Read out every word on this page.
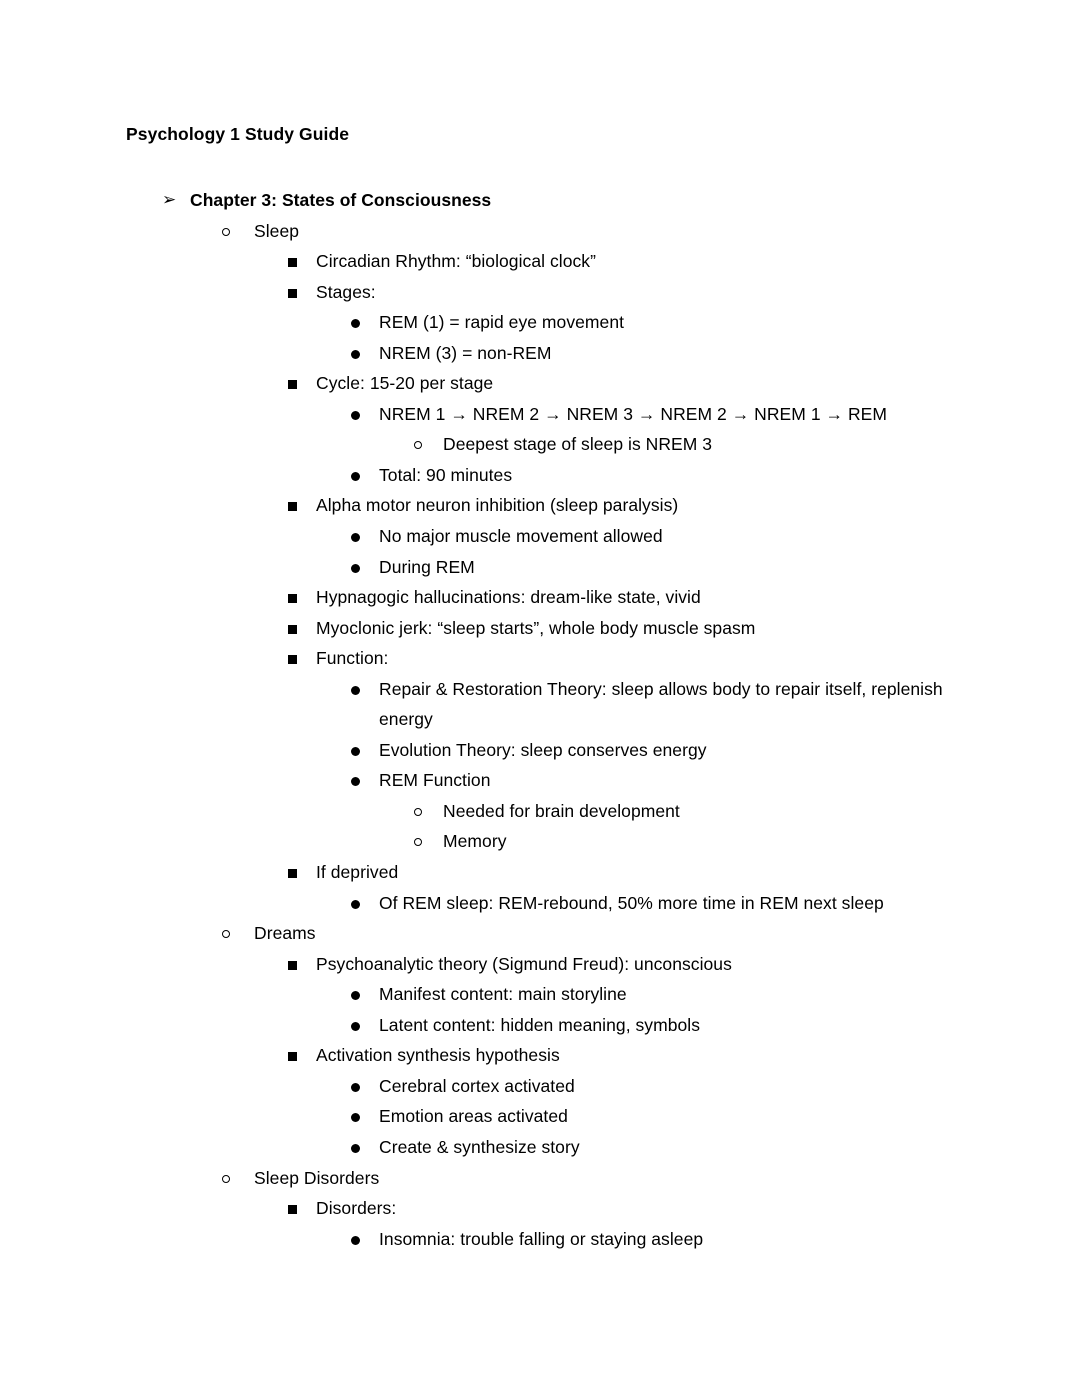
Psychology 1 Study Guide
➢ Chapter 3: States of Consciousness
Sleep
Circadian Rhythm: “biological clock”
Stages:
REM (1) = rapid eye movement
NREM (3) = non-REM
Cycle: 15-20 per stage
NREM 1 → NREM 2 → NREM 3 → NREM 2 → NREM 1 → REM
Deepest stage of sleep is NREM 3
Total: 90 minutes
Alpha motor neuron inhibition (sleep paralysis)
No major muscle movement allowed
During REM
Hypnagogic hallucinations: dream-like state, vivid
Myoclonic jerk: “sleep starts”, whole body muscle spasm
Function:
Repair & Restoration Theory: sleep allows body to repair itself, replenish energy
Evolution Theory: sleep conserves energy
REM Function
Needed for brain development
Memory
If deprived
Of REM sleep: REM-rebound, 50% more time in REM next sleep
Dreams
Psychoanalytic theory (Sigmund Freud): unconscious
Manifest content: main storyline
Latent content: hidden meaning, symbols
Activation synthesis hypothesis
Cerebral cortex activated
Emotion areas activated
Create & synthesize story
Sleep Disorders
Disorders:
Insomnia: trouble falling or staying asleep
